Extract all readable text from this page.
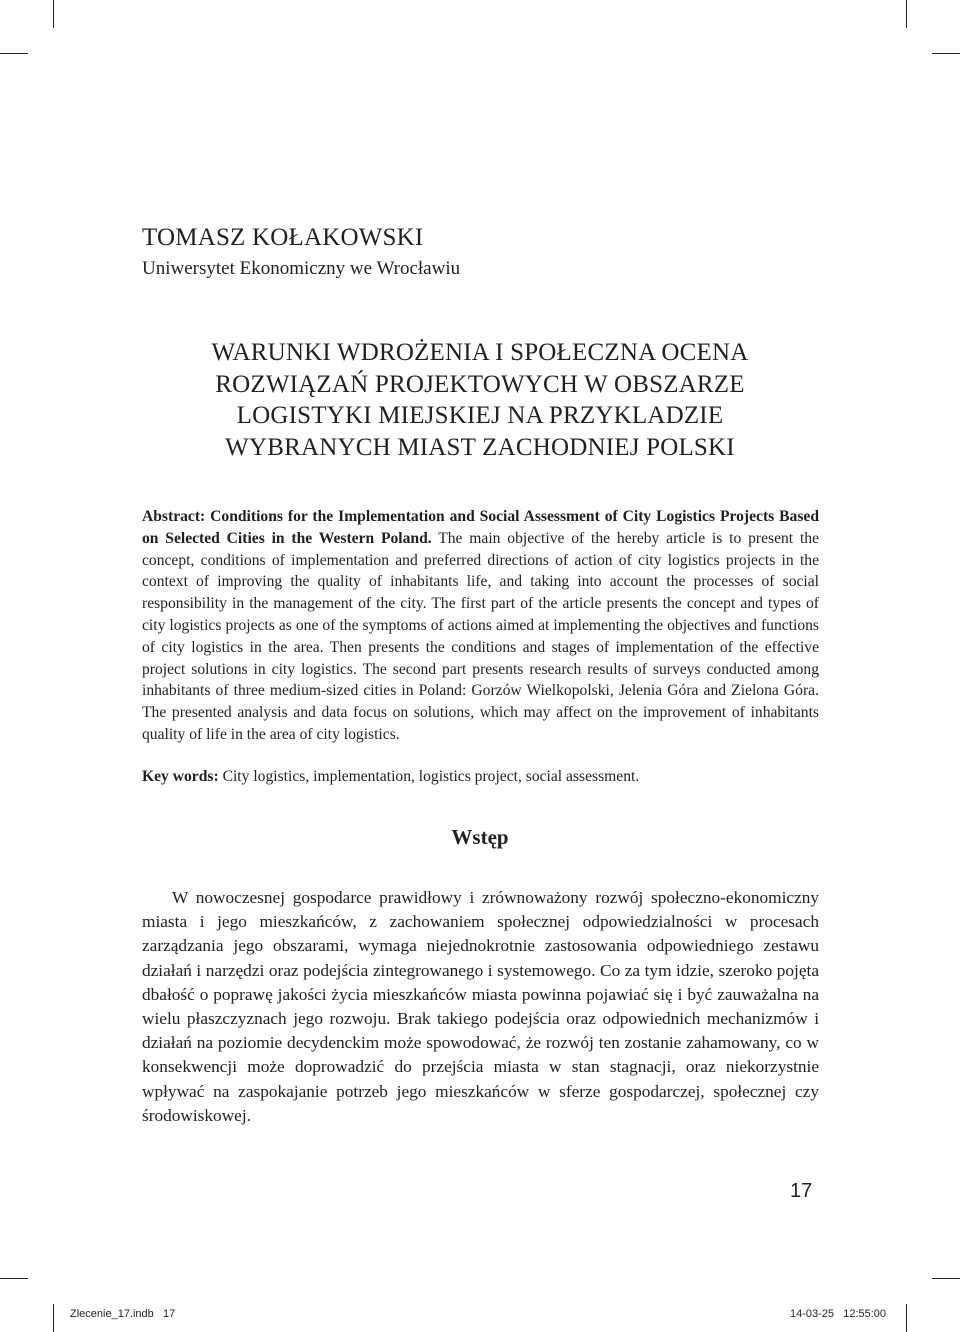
TOMASZ KOŁAKOWSKI
Uniwersytet Ekonomiczny we Wrocławiu
WARUNKI WDROŻENIA I SPOŁECZNA OCENA
ROZWIĄZAŃ PROJEKTOWYCH W OBSZARZE
LOGISTYKI MIEJSKIEJ NA PRZYKLADZIE
WYBRANYCH MIAST ZACHODNIEJ POLSKI
Abstract: Conditions for the Implementation and Social Assessment of City Logistics Projects Based on Selected Cities in the Western Poland. The main objective of the hereby article is to present the concept, conditions of implementation and preferred directions of action of city logistics projects in the context of improving the quality of inhabitants life, and taking into account the processes of social responsibility in the management of the city. The first part of the article presents the concept and types of city logistics projects as one of the symptoms of actions aimed at implementing the objectives and functions of city logistics in the area. Then presents the conditions and stages of implementation of the effective project solutions in city logistics. The second part presents research results of surveys conducted among inhabitants of three medium-sized cities in Poland: Gorzów Wielkopolski, Jelenia Góra and Zielona Góra. The presented analysis and data focus on solutions, which may affect on the improvement of inhabitants quality of life in the area of city logistics.
Key words: City logistics, implementation, logistics project, social assessment.
Wstęp
W nowoczesnej gospodarce prawidłowy i zrównoważony rozwój społeczno-ekonomiczny miasta i jego mieszkańców, z zachowaniem społecznej odpowiedzialności w procesach zarządzania jego obszarami, wymaga niejednokrotnie zastosowania odpowiedniego zestawu działań i narzędzi oraz podejścia zintegrowanego i systemowego. Co za tym idzie, szeroko pojęta dbałość o poprawę jakości życia mieszkańców miasta powinna pojawiać się i być zauważalna na wielu płaszczyznach jego rozwoju. Brak takiego podejścia oraz odpowiednich mechanizmów i działań na poziomie decydenckim może spowodować, że rozwój ten zostanie zahamowany, co w konsekwencji może doprowadzić do przejścia miasta w stan stagnacji, oraz niekorzystnie wpływać na zaspokajanie potrzeb jego mieszkańców w sferze gospodarczej, społecznej czy środowiskowej.
17
Zlecenie_17.indb   17	14-03-25   12:55:00
